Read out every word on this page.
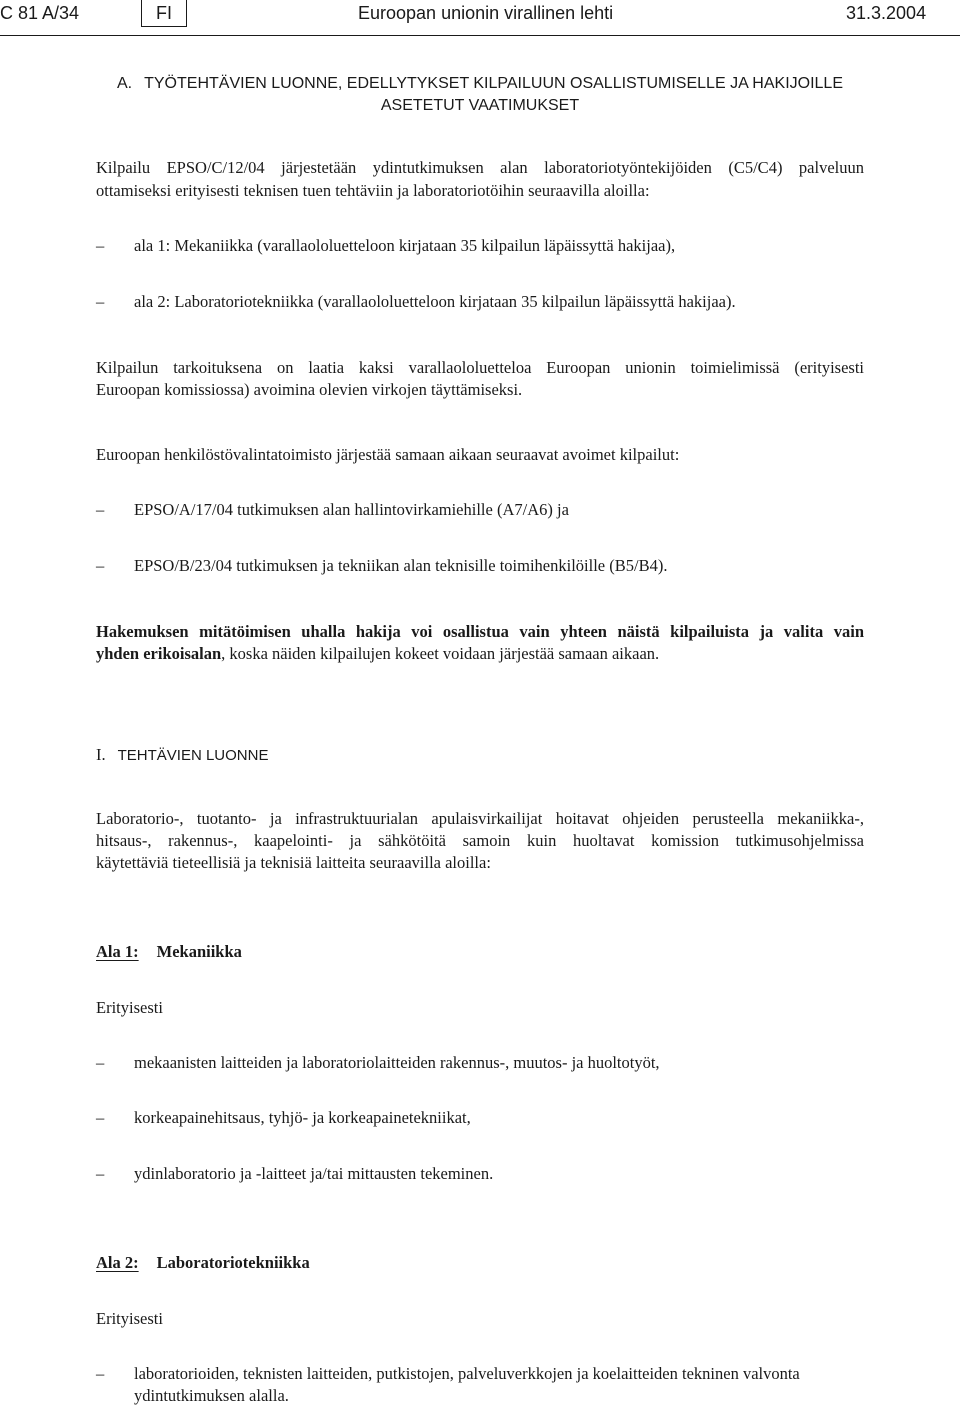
C 81 A/34	FI	Euroopan unionin virallinen lehti	31.3.2004
A. TYÖTEHTÄVIEN LUONNE, EDELLYTYKSET KILPAILUUN OSALLISTUMISELLE JA HAKIJOILLE
ASETETUT VAATIMUKSET
Kilpailu EPSO/C/12/04 järjestetään ydintutkimuksen alan laboratoriotyöntekijöiden (C5/C4) palveluun
ottamiseksi erityisesti teknisen tuen tehtäviin ja laboratoriotöihin seuraavilla aloilla:
–	ala 1: Mekaniikka (varallaololuetteloon kirjataan 35 kilpailun läpäissyttä hakijaa),
–	ala 2: Laboratoriotekniikka (varallaololuetteloon kirjataan 35 kilpailun läpäissyttä hakijaa).
Kilpailun tarkoituksena on laatia kaksi varallaololuetteloa Euroopan unionin toimielimissä (erityisesti
Euroopan komissiossa) avoimina olevien virkojen täyttämiseksi.
Euroopan henkilöstövalintatoimisto järjestää samaan aikaan seuraavat avoimet kilpailut:
–	EPSO/A/17/04 tutkimuksen alan hallintovirkamiehille (A7/A6) ja
–	EPSO/B/23/04 tutkimuksen ja tekniikan alan teknisille toimihenkilöille (B5/B4).
Hakemuksen mitätöimisen uhalla hakija voi osallistua vain yhteen näistä kilpailuista ja valita vain
yhden erikoisalan, koska näiden kilpailujen kokeet voidaan järjestää samaan aikaan.
I. TEHTÄVIEN LUONNE
Laboratorio-, tuotanto- ja infrastruktuurialan apulaisvirkailijat hoitavat ohjeiden perusteella mekaniikka-,
hitsaus-, rakennus-, kaapelointi- ja sähkötöitä samoin kuin huoltavat komission tutkimusohjelmissa
käytettäviä tieteellisiä ja teknisiä laitteita seuraavilla aloilla:
Ala 1: Mekaniikka
Erityisesti
–	mekaanisten laitteiden ja laboratoriolaitteiden rakennus-, muutos- ja huoltotyöt,
–	korkeapainehitsaus, tyhjö- ja korkeapainetekniikat,
–	ydinlaboratorio ja -laitteet ja/tai mittausten tekeminen.
Ala 2: Laboratoriotekniikka
Erityisesti
–	laboratorioiden, teknisten laitteiden, putkistojen, palveluverkkojen ja koelaitteiden tekninen valvonta
ydintutkimuksen alalla.
